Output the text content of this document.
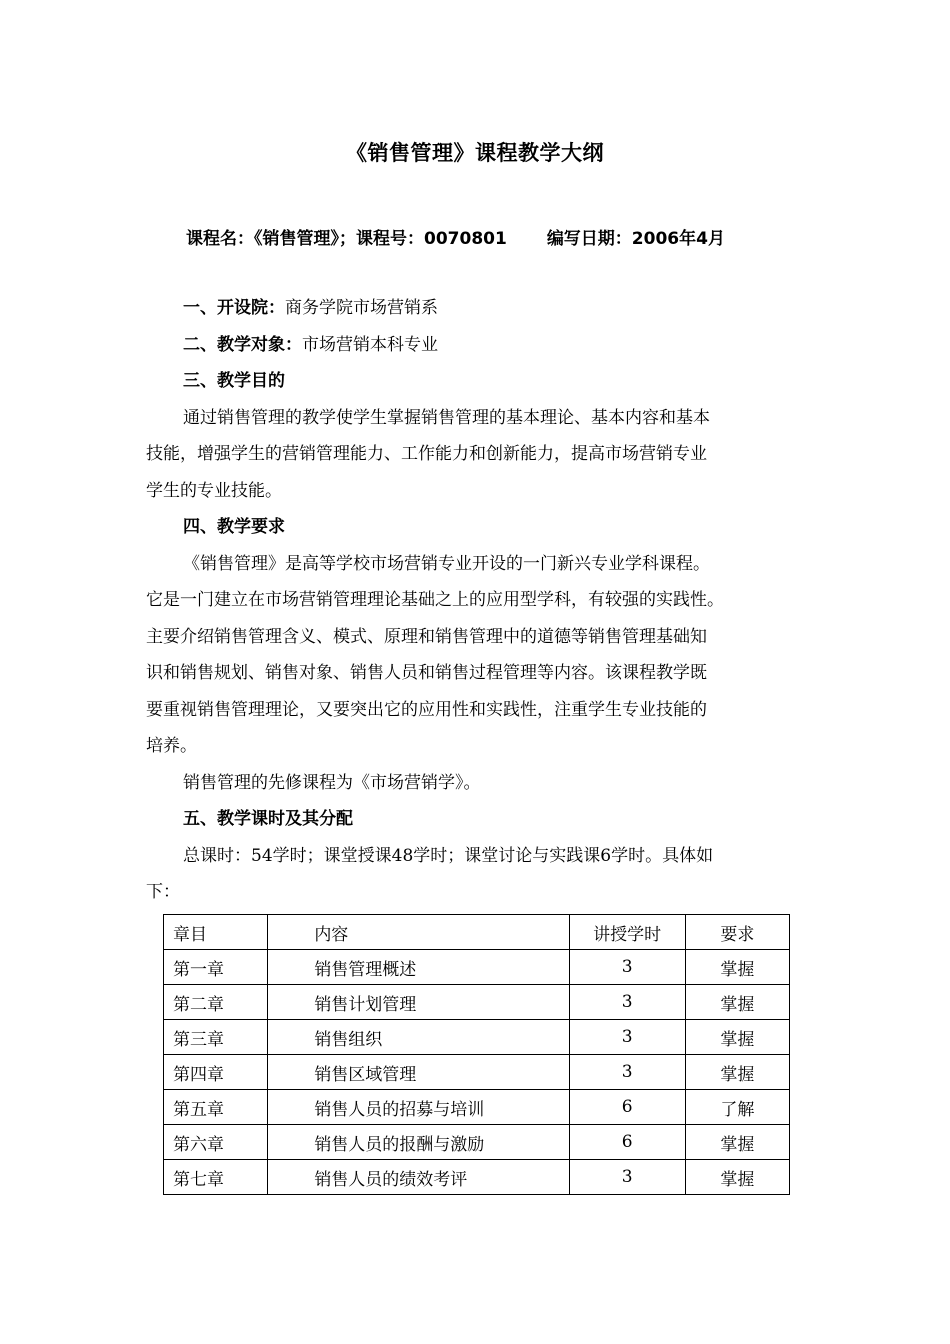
《销售管理》课程教学大纲
课程名：《销售管理》；课程号：0070801 编写日期：2006年4月
一、开设院：商务学院市场营销系
二、教学对象：市场营销本科专业
三、教学目的
通过销售管理的教学使学生掌握销售管理的基本理论、基本内容和基本
技能，增强学生的营销管理能力、工作能力和创新能力，提高市场营销专业
学生的专业技能。
四、教学要求
《销售管理》是高等学校市场营销专业开设的一门新兴专业学科课程。
它是一门建立在市场营销管理理论基础之上的应用型学科，有较强的实践性。
主要介绍销售管理含义、模式、原理和销售管理中的道德等销售管理基础知
识和销售规划、销售对象、销售人员和销售过程管理等内容。该课程教学既
要重视销售管理理论，又要突出它的应用性和实践性，注重学生专业技能的
培养。
销售管理的先修课程为《市场营销学》。
五、教学课时及其分配
总课时：54学时；课堂授课48学时；课堂讨论与实践课6学时。具体如
下：
章目	内容	讲授学时	要求
第一章	销售管理概述	3	掌握
第二章	销售计划管理	3	掌握
第三章	销售组织	3	掌握
第四章	销售区域管理	3	掌握
第五章	销售人员的招募与培训	6	了解
第六章	销售人员的报酬与激励	6	掌握
第七章	销售人员的绩效考评	3	掌握
